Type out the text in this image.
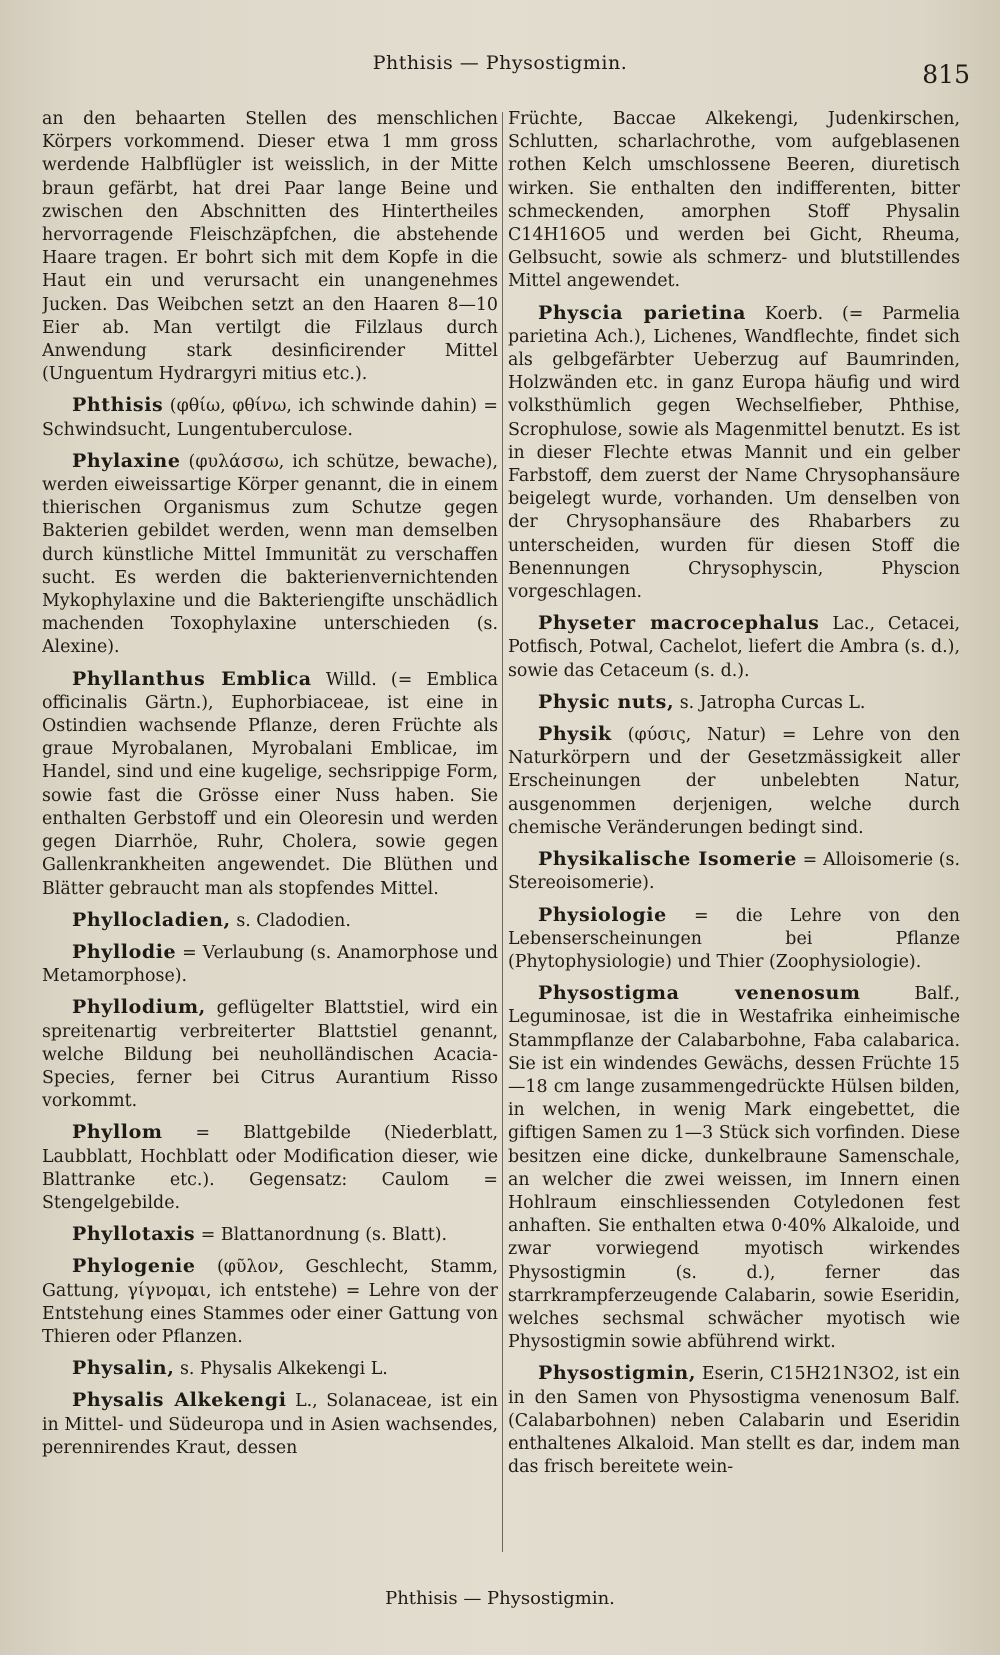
Phthisis — Physostigmin.	815

an den behaarten Stellen des menschlichen Körpers vorkommend. Dieser etwa 1 mm gross werdende Halbflügler ist weisslich, in der Mitte braun gefärbt, hat drei Paar lange Beine und zwischen den Abschnitten des Hintertheiles hervorragende Fleischzäpfchen, die abstehende Haare tragen. Er bohrt sich mit dem Kopfe in die Haut ein und verursacht ein unangenehmes Jucken. Das Weibchen setzt an den Haaren 8—10 Eier ab. Man vertilgt die Filzlaus durch Anwendung stark desinficirender Mittel (Unguentum Hydrargyri mitius etc.).

Phthisis (φθίω, φθίνω, ich schwinde dahin) = Schwindsucht, Lungentuberculose.

Phylaxine (φυλάσσω, ich schütze, bewache), werden eiweissartige Körper genannt, die in einem thierischen Organismus zum Schutze gegen Bakterien gebildet werden, wenn man demselben durch künstliche Mittel Immunität zu verschaffen sucht. Es werden die bakterienvernichtenden Mykophylaxine und die Bakteriengifte unschädlich machenden Toxophylaxine unterschieden (s. Alexine).

Phyllanthus Emblica Willd. (= Emblica officinalis Gärtn.), Euphorbiaceae, ist eine in Ostindien wachsende Pflanze, deren Früchte als graue Myrobalanen, Myrobalani Emblicae, im Handel, sind und eine kugelige, sechsrippige Form, sowie fast die Grösse einer Nuss haben. Sie enthalten Gerbstoff und ein Oleoresin und werden gegen Diarrhöe, Ruhr, Cholera, sowie gegen Gallenkrankheiten angewendet. Die Blüthen und Blätter gebraucht man als stopfendes Mittel.

Phyllocladien, s. Cladodien.

Phyllodie = Verlaubung (s. Anamorphose und Metamorphose).

Phyllodium, geflügelter Blattstiel, wird ein spreitenartig verbreiterter Blattstiel genannt, welche Bildung bei neuholländischen Acacia-Species, ferner bei Citrus Aurantium Risso vorkommt.

Phyllom = Blattgebilde (Niederblatt, Laubblatt, Hochblatt oder Modification dieser, wie Blattranke etc.). Gegensatz: Caulom = Stengelgebilde.

Phyllotaxis = Blattanordnung (s. Blatt).

Phylogenie (φῦλον, Geschlecht, Stamm, Gattung, γίγνομαι, ich entstehe) = Lehre von der Entstehung eines Stammes oder einer Gattung von Thieren oder Pflanzen.

Physalin, s. Physalis Alkekengi L.

Physalis Alkekengi L., Solanaceae, ist ein in Mittel- und Südeuropa und in Asien wachsendes, perennirendes Kraut, dessen

Früchte, Baccae Alkekengi, Judenkirschen, Schlutten, scharlachrothe, vom aufgeblasenen rothen Kelch umschlossene Beeren, diuretisch wirken. Sie enthalten den indifferenten, bitter schmeckenden, amorphen Stoff Physalin C14H16O5 und werden bei Gicht, Rheuma, Gelbsucht, sowie als schmerz- und blutstillendes Mittel angewendet.

Physcia parietina Koerb. (= Parmelia parietina Ach.), Lichenes, Wandflechte, findet sich als gelbgefärbter Ueberzug auf Baumrinden, Holzwänden etc. in ganz Europa häufig und wird volksthümlich gegen Wechselfieber, Phthise, Scrophulose, sowie als Magenmittel benutzt. Es ist in dieser Flechte etwas Mannit und ein gelber Farbstoff, dem zuerst der Name Chrysophansäure beigelegt wurde, vorhanden. Um denselben von der Chrysophansäure des Rhabarbers zu unterscheiden, wurden für diesen Stoff die Benennungen Chrysophyscin, Physcion vorgeschlagen.

Physeter macrocephalus Lac., Cetacei, Potfisch, Potwal, Cachelot, liefert die Ambra (s. d.), sowie das Cetaceum (s. d.).

Physic nuts, s. Jatropha Curcas L.

Physik (φύσις, Natur) = Lehre von den Naturkörpern und der Gesetzmässigkeit aller Erscheinungen der unbelebten Natur, ausgenommen derjenigen, welche durch chemische Veränderungen bedingt sind.

Physikalische Isomerie = Alloisomerie (s. Stereoisomerie).

Physiologie = die Lehre von den Lebenserscheinungen bei Pflanze (Phytophysiologie) und Thier (Zoophysiologie).

Physostigma venenosum	Balf., Leguminosae, ist die in Westafrika einheimische Stammpflanze der Calabarbohne, Faba calabarica. Sie ist ein windendes Gewächs, dessen Früchte 15—18 cm lange zusammengedrückte Hülsen bilden, in welchen, in wenig Mark eingebettet, die giftigen Samen zu 1—3 Stück sich vorfinden. Diese besitzen eine dicke, dunkelbraune Samenschale, an welcher die zwei weissen, im Innern einen Hohlraum einschliessenden Cotyledonen fest anhaften. Sie enthalten etwa 0·40% Alkaloide, und zwar vorwiegend myotisch wirkendes Physostigmin (s. d.), ferner das starrkrampferzeugende Calabarin, sowie Eseridin, welches sechsmal schwächer myotisch wie Physostigmin sowie abführend wirkt.

Physostigmin, Eserin, C15H21N3O2, ist ein in den Samen von Physostigma venenosum Balf. (Calabarbohnen) neben Calabarin und Eseridin enthaltenes Alkaloid. Man stellt es dar, indem man das frisch bereitete wein-

Phthisis — Physostigmin.
